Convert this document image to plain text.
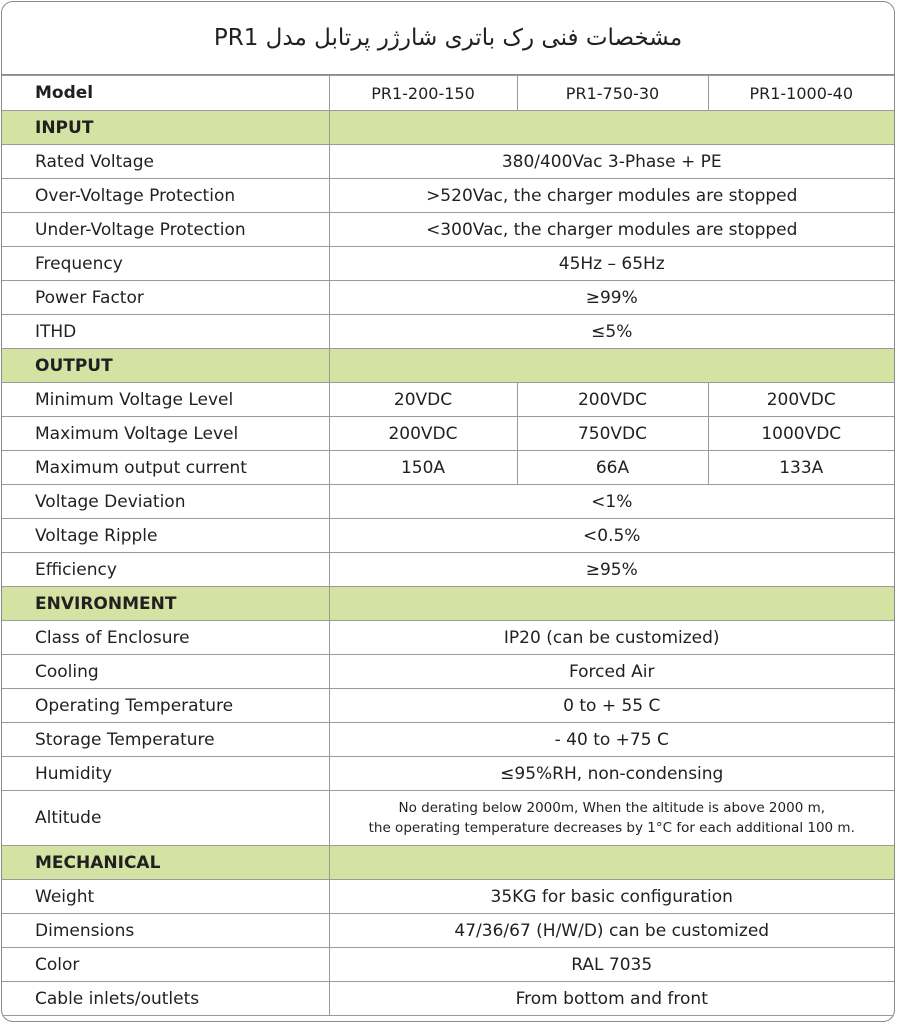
مشخصات فنی رک باتری شارژر پرتابل مدل PR1
Model	PR1-200-150	PR1-750-30	PR1-1000-40
INPUT			
Rated Voltage	380/400Vac 3-Phase + PE		
Over-Voltage Protection	>520Vac, the charger modules are stopped		
Under-Voltage Protection	<300Vac, the charger modules are stopped		
Frequency	45Hz – 65Hz		
Power Factor	≥99%		
ITHD	≤5%		
OUTPUT			
Minimum Voltage Level	20VDC	200VDC	200VDC
Maximum Voltage Level	200VDC	750VDC	1000VDC
Maximum output current	150A	66A	133A
Voltage Deviation	<1%		
Voltage Ripple	<0.5%		
Efficiency	≥95%		
ENVIRONMENT			
Class of Enclosure	IP20 (can be customized)		
Cooling	Forced Air		
Operating Temperature	0 to + 55 C		
Storage Temperature	- 40 to +75 C		
Humidity	≤95%RH, non-condensing		
Altitude	No derating below 2000m, When the altitude is above 2000 m,
the operating temperature decreases by 1°C for each additional 100 m.		

MECHANICAL			
Weight	35KG for basic configuration		
Dimensions	47/36/67 (H/W/D) can be customized		
Color	RAL 7035		
Cable inlets/outlets	From bottom and front		
